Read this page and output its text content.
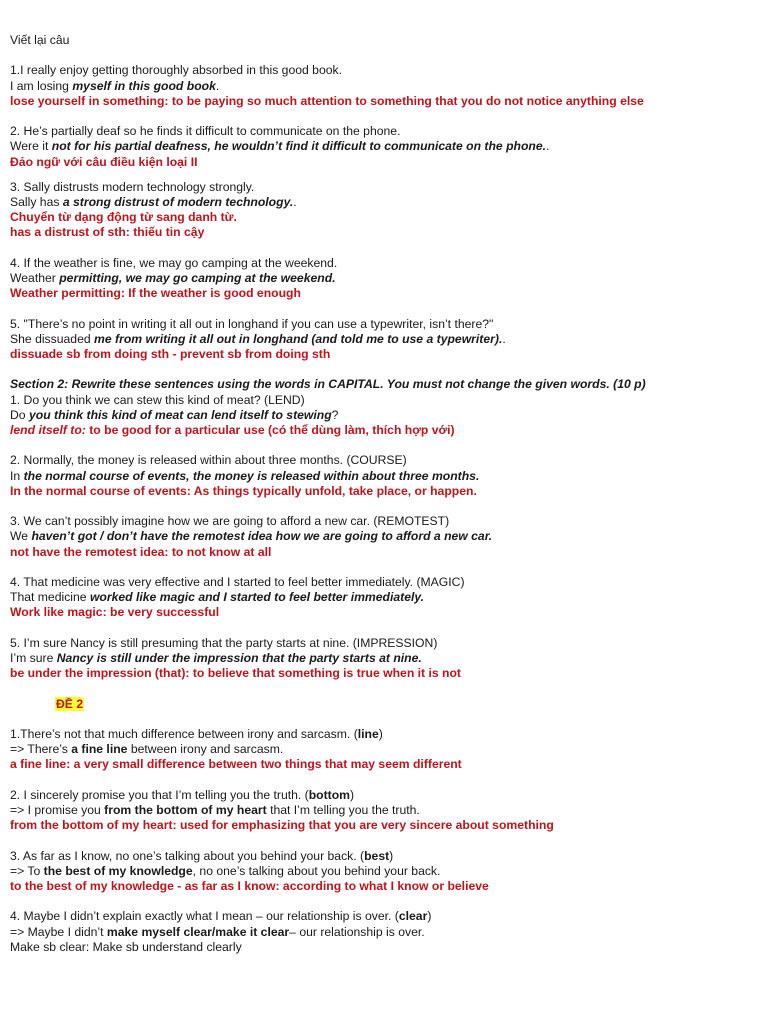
Viết lại câu
1.I really enjoy getting thoroughly absorbed in this good book.
I am losing myself in this good book.
lose yourself in something: to be paying so much attention to something that you do not notice anything else
2. He’s partially deaf so he finds it difficult to communicate on the phone.
Were it not for his partial deafness, he wouldn’t find it difficult to communicate on the phone..
Đảo ngữ với câu điều kiện loại II
3. Sally distrusts modern technology strongly.
Sally has a strong distrust of modern technology..
Chuyển từ dạng động từ sang danh từ.
has a distrust of sth: thiếu tin cậy
4. If the weather is fine, we may go camping at the weekend.
Weather permitting, we may go camping at the weekend.
Weather permitting: If the weather is good enough
5. "There’s no point in writing it all out in longhand if you can use a typewriter, isn’t there?"
She dissuaded me from writing it all out in longhand (and told me to use a typewriter)..
dissuade sb from doing sth - prevent sb from doing sth
Section 2: Rewrite these sentences using the words in CAPITAL. You must not change the given words. (10 p)
1. Do you think we can stew this kind of meat? (LEND)
Do you think this kind of meat can lend itself to stewing?
lend itself to: to be good for a particular use (có thể dùng làm, thích hợp với)
2. Normally, the money is released within about three months. (COURSE)
In the normal course of events, the money is released within about three months.
In the normal course of events: As things typically unfold, take place, or happen.
3. We can’t possibly imagine how we are going to afford a new car. (REMOTEST)
We haven’t got / don’t have the remotest idea how we are going to afford a new car.
not have the remotest idea: to not know at all
4. That medicine was very effective and I started to feel better immediately. (MAGIC)
That medicine worked like magic and I started to feel better immediately.
Work like magic: be very successful
5. I’m sure Nancy is still presuming that the party starts at nine. (IMPRESSION)
I’m sure Nancy is still under the impression that the party starts at nine.
be under the impression (that): to believe that something is true when it is not
ĐỀ 2
1.There’s not that much difference between irony and sarcasm. (line)
=> There’s a fine line between irony and sarcasm.
a fine line: a very small difference between two things that may seem different
2. I sincerely promise you that I’m telling you the truth. (bottom)
=> I promise you from the bottom of my heart that I’m telling you the truth.
from the bottom of my heart: used for emphasizing that you are very sincere about something
3. As far as I know, no one’s talking about you behind your back. (best)
=> To the best of my knowledge, no one’s talking about you behind your back.
to the best of my knowledge - as far as I know: according to what I know or believe
4. Maybe I didn’t explain exactly what I mean – our relationship is over. (clear)
=> Maybe I didn’t make myself clear/make it clear– our relationship is over.
Make sb clear: Make sb understand clearly
